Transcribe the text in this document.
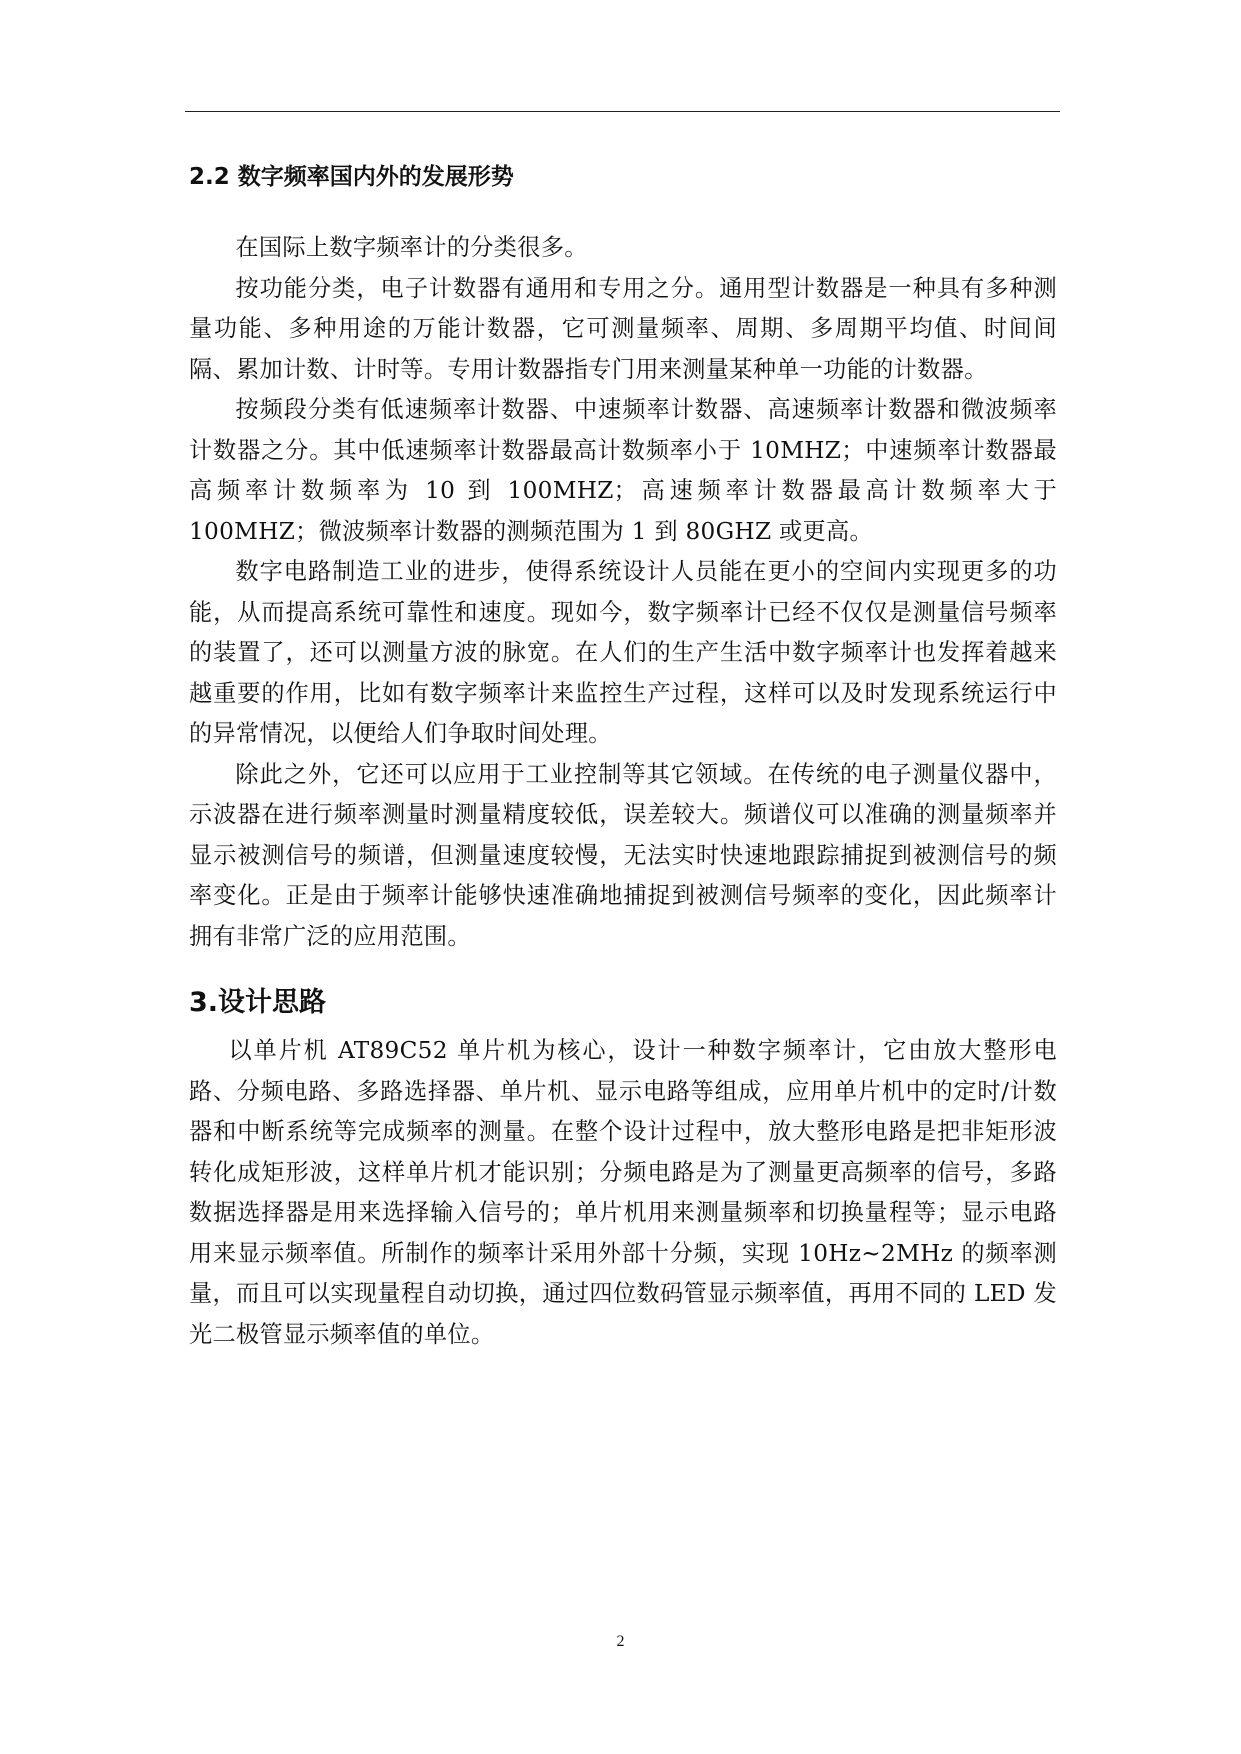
2.2 数字频率国内外的发展形势

在国际上数字频率计的分类很多。

按功能分类，电子计数器有通用和专用之分。通用型计数器是一种具有多种测量功能、多种用途的万能计数器，它可测量频率、周期、多周期平均值、时间间隔、累加计数、计时等。专用计数器指专门用来测量某种单一功能的计数器。

按频段分类有低速频率计数器、中速频率计数器、高速频率计数器和微波频率计数器之分。其中低速频率计数器最高计数频率小于 10MHZ；中速频率计数器最高频率计数频率为 10 到 100MHZ；高速频率计数器最高计数频率大于 100MHZ；微波频率计数器的测频范围为 1 到 80GHZ 或更高。

数字电路制造工业的进步，使得系统设计人员能在更小的空间内实现更多的功能，从而提高系统可靠性和速度。现如今，数字频率计已经不仅仅是测量信号频率的装置了，还可以测量方波的脉宽。在人们的生产生活中数字频率计也发挥着越来越重要的作用，比如有数字频率计来监控生产过程，这样可以及时发现系统运行中的异常情况，以便给人们争取时间处理。

除此之外，它还可以应用于工业控制等其它领域。在传统的电子测量仪器中，示波器在进行频率测量时测量精度较低，误差较大。频谱仪可以准确的测量频率并显示被测信号的频谱，但测量速度较慢，无法实时快速地跟踪捕捉到被测信号的频率变化。正是由于频率计能够快速准确地捕捉到被测信号频率的变化，因此频率计拥有非常广泛的应用范围。

3.设计思路

以单片机 AT89C52 单片机为核心，设计一种数字频率计，它由放大整形电路、分频电路、多路选择器、单片机、显示电路等组成，应用单片机中的定时/计数器和中断系统等完成频率的测量。在整个设计过程中，放大整形电路是把非矩形波转化成矩形波，这样单片机才能识别；分频电路是为了测量更高频率的信号，多路数据选择器是用来选择输入信号的；单片机用来测量频率和切换量程等；显示电路用来显示频率值。所制作的频率计采用外部十分频，实现 10Hz~2MHz 的频率测量，而且可以实现量程自动切换，通过四位数码管显示频率值，再用不同的 LED 发光二极管显示频率值的单位。

2
